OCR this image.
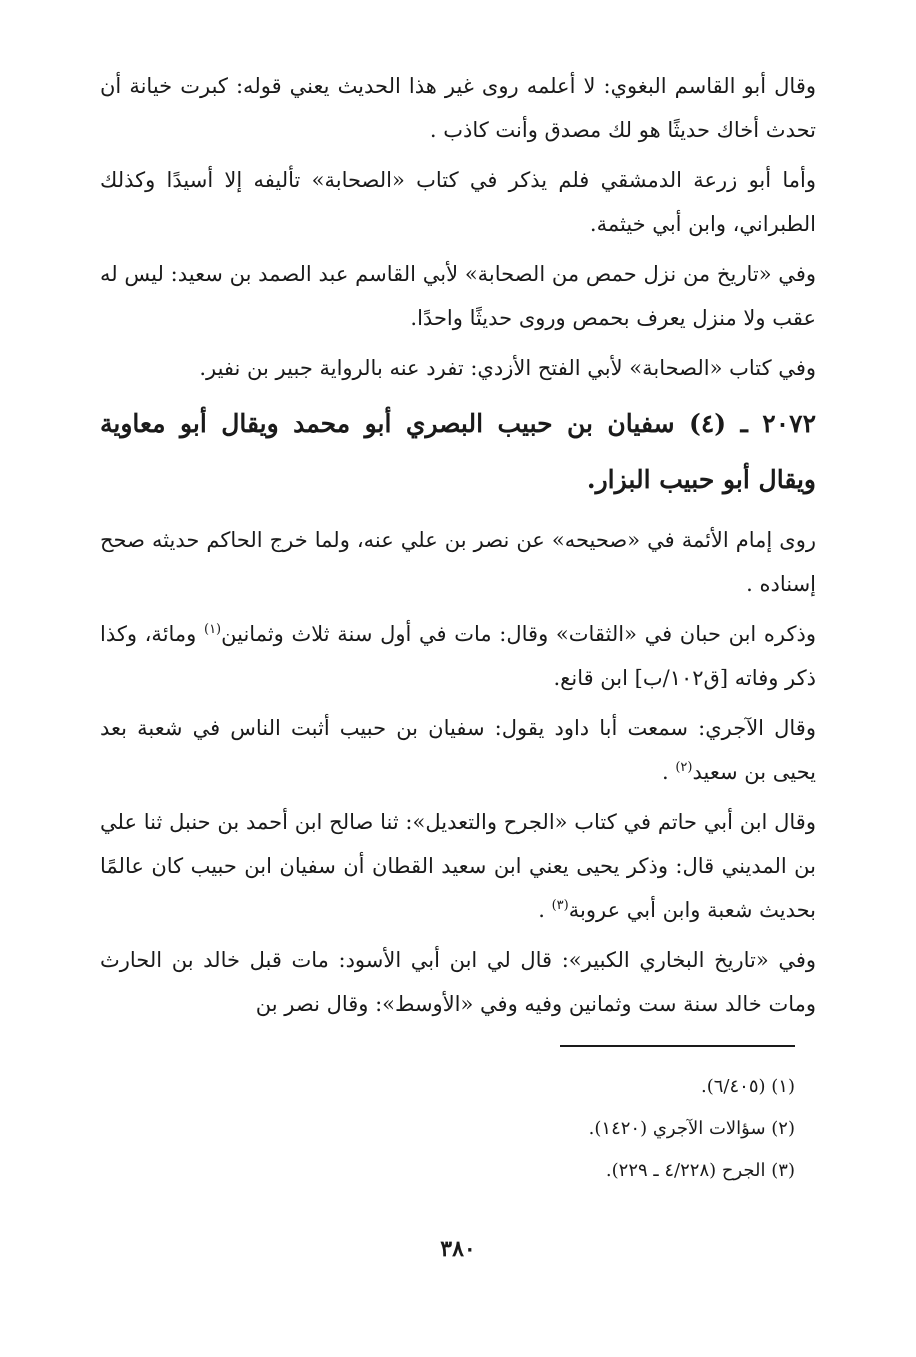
وقال أبو القاسم البغوي: لا أعلمه روى غير هذا الحديث يعني قوله: كبرت خيانة أن تحدث أخاك حديثًا هو لك مصدق وأنت كاذب .

وأما أبو زرعة الدمشقي فلم يذكر في كتاب «الصحابة» تأليفه إلا أسيدًا وكذلك الطبراني، وابن أبي خيثمة.

وفي «تاريخ من نزل حمص من الصحابة» لأبي القاسم عبد الصمد بن سعيد: ليس له عقب ولا منزل يعرف بحمص وروى حديثًا واحدًا.

وفي كتاب «الصحابة» لأبي الفتح الأزدي: تفرد عنه بالرواية جبير بن نفير.

٢٠٧٢ ـ (٤) سفيان بن حبيب البصري أبو محمد ويقال أبو معاوية ويقال أبو حبيب البزار.

روى إمام الأئمة في «صحيحه» عن نصر بن علي عنه، ولما خرج الحاكم حديثه صحح إسناده .

وذكره ابن حبان في «الثقات» وقال: مات في أول سنة ثلاث وثمانين$^{(١)}$ ومائة، وكذا ذكر وفاته [ق١٠٢/ب] ابن قانع.

وقال الآجري: سمعت أبا داود يقول: سفيان بن حبيب أثبت الناس في شعبة بعد يحيى بن سعيد$^{(٢)}$ .

وقال ابن أبي حاتم في كتاب «الجرح والتعديل»: ثنا صالح ابن أحمد بن حنبل ثنا علي بن المديني قال: وذكر يحيى يعني ابن سعيد القطان أن سفيان ابن حبيب كان عالمًا بحديث شعبة وابن أبي عروبة$^{(٣)}$ .

وفي «تاريخ البخاري الكبير»: قال لي ابن أبي الأسود: مات قبل خالد بن الحارث ومات خالد سنة ست وثمانين وفيه وفي «الأوسط»: وقال نصر بن

(١) (٦/٤٠٥).
(٢) سؤالات الآجري (١٤٢٠).
(٣) الجرح (٤/٢٢٨ ـ ٢٢٩).
٣٨٠
